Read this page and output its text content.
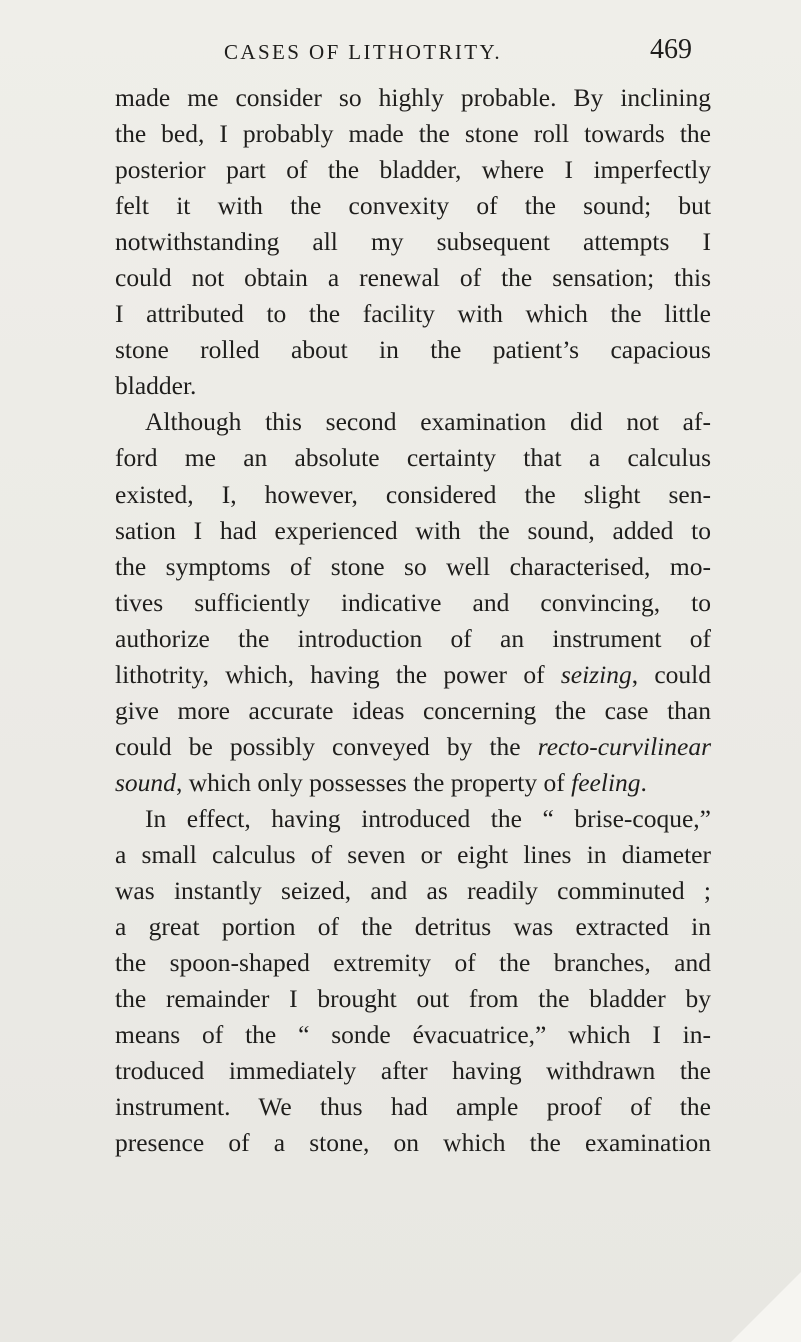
CASES OF LITHOTRITY.	469
made me consider so highly probable. By inclining
the bed, I probably made the stone roll towards the
posterior part of the bladder, where I imperfectly
felt it with the convexity of the sound; but
notwithstanding all my subsequent attempts I
could not obtain a renewal of the sensation; this
I attributed to the facility with which the little
stone rolled about in the patient’s capacious
bladder.
Although this second examination did not af-
ford me an absolute certainty that a calculus
existed, I, however, considered the slight sen-
sation I had experienced with the sound, added to
the symptoms of stone so well characterised, mo-
tives sufficiently indicative and convincing, to
authorize the introduction of an instrument of
lithotrity, which, having the power of seizing, could
give more accurate ideas concerning the case than
could be possibly conveyed by the recto-curvilinear
sound, which only possesses the property of feeling.
In effect, having introduced the “ brise-coque,”
a small calculus of seven or eight lines in diameter
was instantly seized, and as readily comminuted ;
a great portion of the detritus was extracted in
the spoon-shaped extremity of the branches, and
the remainder I brought out from the bladder by
means of the “ sonde évacuatrice,” which I in-
troduced immediately after having withdrawn the
instrument. We thus had ample proof of the
presence of a stone, on which the examination
